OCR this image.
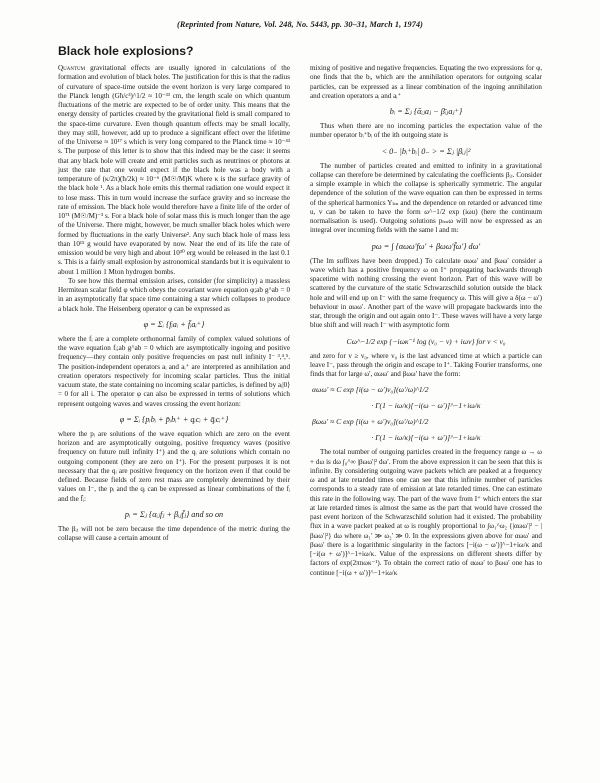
(Reprinted from Nature, Vol. 248, No. 5443, pp. 30–31, March 1, 1974)
Black hole explosions?

Quantum gravitational effects are usually ignored in calculations of the formation and evolution of black holes. The justification for this is that the radius of curvature of space-time outside the event horizon is very large compared to the Planck length (Għ/c³)^1/2 ≈ 10⁻³³ cm, the length scale on which quantum fluctuations of the metric are expected to be of order unity. This means that the energy density of particles created by the gravitational field is small compared to the space-time curvature. Even though quantum effects may be small locally, they may still, however, add up to produce a significant effect over the lifetime of the Universe ≈ 10¹⁷ s which is very long compared to the Planck time ≈ 10⁻⁴³ s. The purpose of this letter is to show that this indeed may be the case: it seems that any black hole will create and emit particles such as neutrinos or photons at just the rate that one would expect if the black hole was a body with a temperature of (κ/2π)(ħ/2k) ≈ 10⁻⁶ (M☉/M)K where κ is the surface gravity of the black hole ¹. As a black hole emits this thermal radiation one would expect it to lose mass. This in turn would increase the surface gravity and so increase the rate of emission. The black hole would therefore have a finite life of the order of 10⁷¹ (M☉/M)⁻³ s. For a black hole of solar mass this is much longer than the age of the Universe. There might, however, be much smaller black holes which were formed by fluctuations in the early Universe². Any such black hole of mass less than 10¹⁵ g would have evaporated by now. Near the end of its life the rate of emission would be very high and about 10³⁰ erg would be released in the last 0.1 s. This is a fairly small explosion by astronomical standards but it is equivalent to about 1 million 1 Mton hydrogen bombs.

To see how this thermal emission arises, consider (for simplicity) a massless Hermitean scalar field φ which obeys the covariant wave equation φ;ab g^ab = 0 in an asymptotically flat space time containing a star which collapses to produce a black hole. The Heisenberg operator φ can be expressed as

φ = Σᵢ {fᵢaᵢ + f̄ᵢaᵢ⁺}

where the fᵢ are a complete orthonormal family of complex valued solutions of the wave equation fᵢ;ab g^ab = 0 which are asymptotically ingoing and positive frequency—they contain only positive frequencies on past null infinity I⁻ ³,⁴,⁵. The position-independent operators aᵢ and aᵢ⁺ are interpreted as annihilation and creation operators respectively for incoming scalar particles. Thus the initial vacuum state, the state containing no incoming scalar particles, is defined by aᵢ|0⟩ = 0 for all i. The operator φ can also be expressed in terms of solutions which represent outgoing waves and waves crossing the event horizon:

φ = Σᵢ {pᵢbᵢ + p̄ᵢbᵢ⁺ + qᵢcᵢ + q̄ᵢcᵢ⁺}

where the pᵢ are solutions of the wave equation which are zero on the event horizon and are asymptotically outgoing, positive frequency waves (positive frequency on future null infinity I⁺) and the qᵢ are solutions which contain no outgoing component (they are zero on I⁺). For the present purposes it is not necessary that the qᵢ are positive frequency on the horizon even if that could be defined. Because fields of zero rest mass are completely determined by their values on I⁻, the pᵢ and the qᵢ can be expressed as linear combinations of the fᵢ and the f̄ᵢ:

pᵢ = Σⱼ {αᵢⱼfⱼ + βᵢⱼf̄ⱼ} and so on

The βᵢⱼ will not be zero because the time dependence of the metric during the collapse will cause a certain amount of

mixing of positive and negative frequencies. Equating the two expressions for φ, one finds that the bᵢ, which are the annihilation operators for outgoing scalar particles, can be expressed as a linear combination of the ingoing annihilation and creation operators aᵢ and aᵢ⁺

bᵢ = Σⱼ {ᾱᵢⱼaⱼ − β̄ᵢⱼaⱼ⁺}

Thus when there are no incoming particles the expectation value of the number operator bᵢ⁺bᵢ of the ith outgoing state is

< 0₋ |bᵢ⁺bᵢ| 0₋ > = Σⱼ |βᵢⱼ|²

The number of particles created and emitted to infinity in a gravitational collapse can therefore be determined by calculating the coefficients βᵢⱼ. Consider a simple example in which the collapse is spherically symmetric. The angular dependence of the solution of the wave equation can then be expressed in terms of the spherical harmonics Yₗₘ and the dependence on retarded or advanced time u, v can be taken to have the form ω^−1/2 exp (iωu) (here the continuum normalisation is used). Outgoing solutions pₗₘω will now be expressed as an integral over incoming fields with the same l and m:

pω = ∫ {αωω′fω′ + βωω′f̄ω′} dω′

(The lm suffixes have been dropped.) To calculate αωω′ and βωω′ consider a wave which has a positive frequency ω on I⁺ propagating backwards through spacetime with nothing crossing the event horizon. Part of this wave will be scattered by the curvature of the static Schwarzschild solution outside the black hole and will end up on I⁻ with the same frequency ω. This will give a δ(ω − ω′) behaviour in αωω′. Another part of the wave will propagate backwards into the star, through the origin and out again onto I⁻. These waves will have a very large blue shift and will reach I⁻ with asymptotic form

Cω^−1/2 exp {−iωκ⁻¹ log (v₀ − v) + iωv} for v < v₀

and zero for v ≥ v₀, where v₀ is the last advanced time at which a particle can leave I⁻, pass through the origin and escape to I⁺. Taking Fourier transforms, one finds that for large ω′, αωω′ and βωω′ have the form:

αωω′ ≈ C exp [i(ω − ω′)v₀](ω′/ω)^1/2
· Γ(1 − iω/κ)[−i(ω − ω′)]^−1+iω/κ
βωω′ ≈ C exp [i(ω + ω′)v₀](ω′/ω)^1/2
· Γ(1 − iω/κ)[−i(ω + ω′)]^−1+iω/κ

The total number of outgoing particles created in the frequency range ω → ω + dω is dω ∫₀^∞ |βωω′|² dω′. From the above expression it can be seen that this is infinite. By considering outgoing wave packets which are peaked at a frequency ω and at late retarded times one can see that this infinite number of particles corresponds to a steady rate of emission at late retarded times. One can estimate this rate in the following way. The part of the wave from I⁺ which enters the star at late retarded times is almost the same as the part that would have crossed the past event horizon of the Schwarzschild solution had it existed. The probability flux in a wave packet peaked at ω is roughly proportional to ∫ω₁^ω₂ {|αωω′|² − |βωω′|²} dω where ω₁′ ≫ ω₂′ ≫ 0. In the expressions given above for αωω′ and βωω′ there is a logarithmic singularity in the factors [−i(ω − ω′)]^−1+iω/κ and [−i(ω + ω′)]^−1+iω/κ. Value of the expressions on different sheets differ by factors of exp(2πnωκ⁻¹). To obtain the correct ratio of αωω′ to βωω′ one has to continue [−i(ω + ω′)]^−1+iω/κ
